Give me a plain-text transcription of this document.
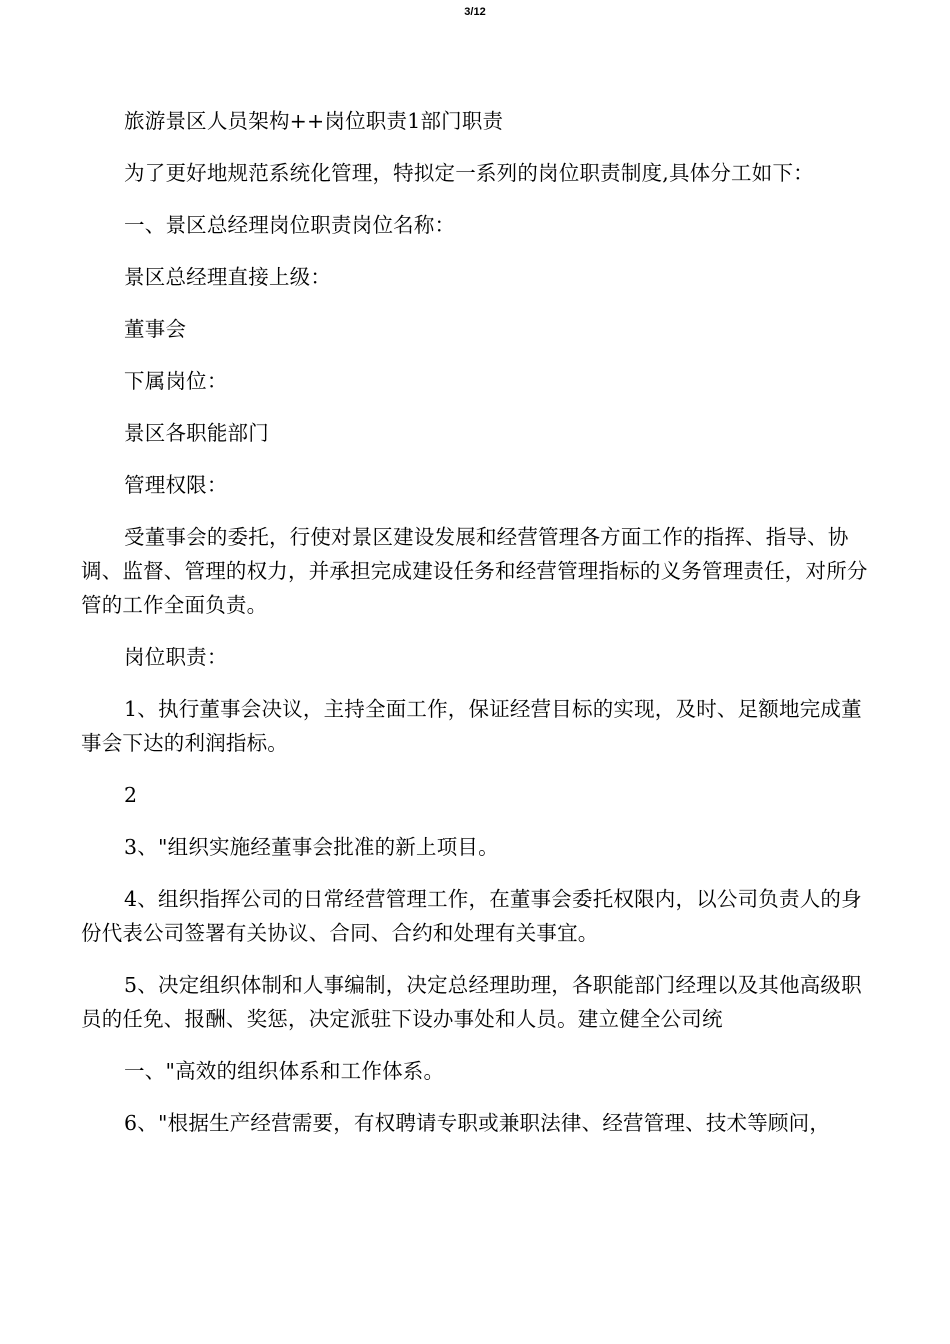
3/12

旅游景区人员架构++岗位职责1部门职责

为了更好地规范系统化管理，特拟定一系列的岗位职责制度,具体分工如下：

一、景区总经理岗位职责岗位名称：

景区总经理直接上级：

董事会

下属岗位：

景区各职能部门

管理权限：

受董事会的委托，行使对景区建设发展和经营管理各方面工作的指挥、指导、协调、监督、管理的权力，并承担完成建设任务和经营管理指标的义务管理责任，对所分管的工作全面负责。

岗位职责：

1、执行董事会决议，主持全面工作，保证经营目标的实现，及时、足额地完成董事会下达的利润指标。

2

3、"组织实施经董事会批准的新上项目。

4、组织指挥公司的日常经营管理工作，在董事会委托权限内，以公司负责人的身份代表公司签署有关协议、合同、合约和处理有关事宜。

5、决定组织体制和人事编制，决定总经理助理，各职能部门经理以及其他高级职员的任免、报酬、奖惩，决定派驻下设办事处和人员。建立健全公司统

一、"高效的组织体系和工作体系。

6、"根据生产经营需要，有权聘请专职或兼职法律、经营管理、技术等顾问，
